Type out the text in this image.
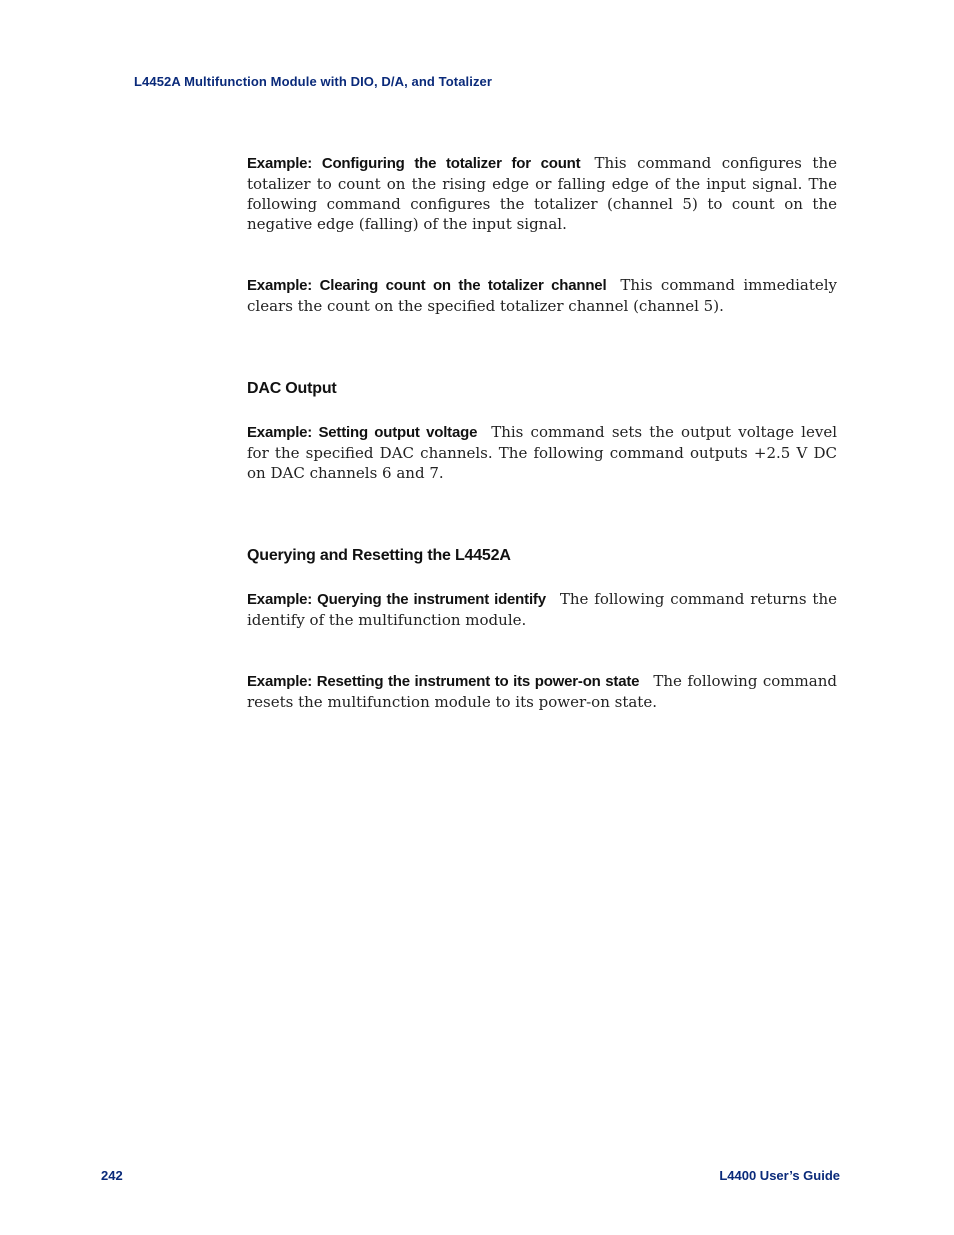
L4452A Multifunction Module with DIO, D/A, and Totalizer

Example: Configuring the totalizer for count This command configures the totalizer to count on the rising edge or falling edge of the input signal. The following command configures the totalizer (channel 5) to count on the negative edge (falling) of the input signal.

Example: Clearing count on the totalizer channel This command immediately clears the count on the specified totalizer channel (channel 5).

DAC Output

Example: Setting output voltage This command sets the output voltage level for the specified DAC channels. The following command outputs +2.5 V DC on DAC channels 6 and 7.

Querying and Resetting the L4452A

Example: Querying the instrument identify The following command returns the identify of the multifunction module.

Example: Resetting the instrument to its power-on state The following command resets the multifunction module to its power-on state.

242	L4400 User’s Guide
